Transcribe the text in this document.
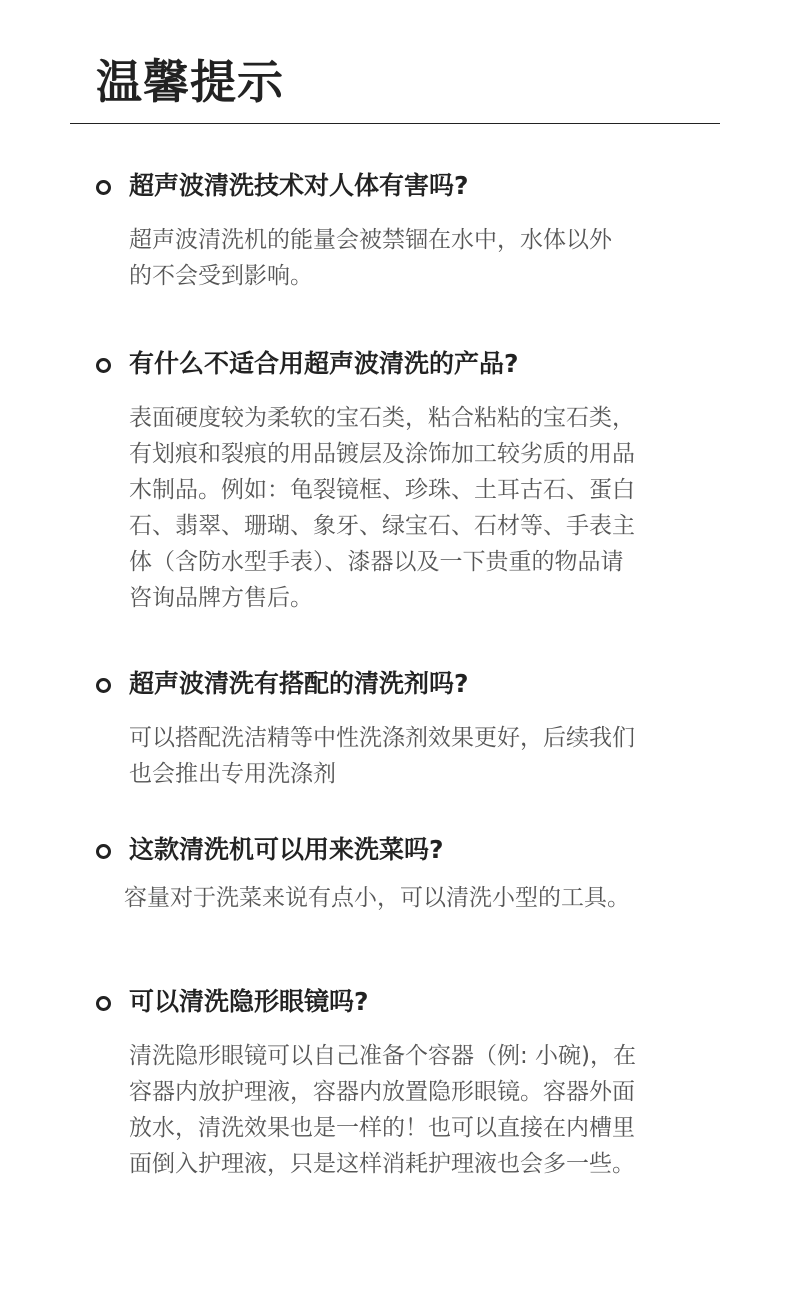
温馨提示
超声波清洗技术对人体有害吗?
超声波清洗机的能量会被禁锢在水中，水体以外
的不会受到影响。
有什么不适合用超声波清洗的产品?
表面硬度较为柔软的宝石类，粘合粘粘的宝石类，
有划痕和裂痕的用品镀层及涂饰加工较劣质的用品
木制品。例如：龟裂镜框、珍珠、土耳古石、蛋白
石、翡翠、珊瑚、象牙、绿宝石、石材等、手表主
体（含防水型手表）、漆器以及一下贵重的物品请
咨询品牌方售后。
超声波清洗有搭配的清洗剂吗?
可以搭配洗洁精等中性洗涤剂效果更好，后续我们
也会推出专用洗涤剂
这款清洗机可以用来洗菜吗?
容量对于洗菜来说有点小，可以清洗小型的工具。
可以清洗隐形眼镜吗?
清洗隐形眼镜可以自己准备个容器（例: 小碗)，在
容器内放护理液，容器内放置隐形眼镜。容器外面
放水，清洗效果也是一样的！也可以直接在内槽里
面倒入护理液，只是这样消耗护理液也会多一些。
